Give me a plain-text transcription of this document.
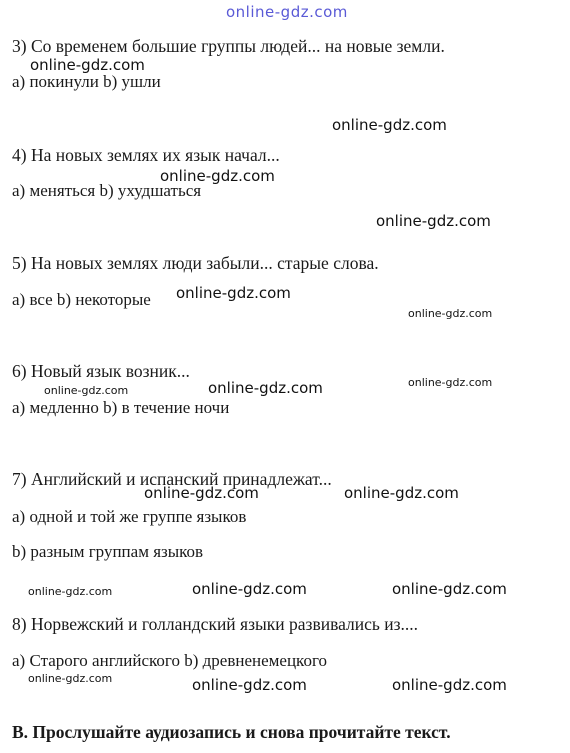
online-gdz.com
3) Со временем большие группы людей... на новые земли.
online-gdz.com
а) покинули b) ушли
online-gdz.com
4) На новых землях их язык начал...
online-gdz.com
а) меняться b) ухудшаться
online-gdz.com
5) На новых землях люди забыли... старые слова.
а) все b) некоторые online-gdz.com
online-gdz.com
6) Новый язык возник...
online-gdz.com	online-gdz.com	online-gdz.com
а) медленно b) в течение ночи
7) Английский и испанский принадлежат...
online-gdz.com	online-gdz.com
а) одной и той же группе языков
b) разным группам языков
online-gdz.com	online-gdz.com	online-gdz.com
8) Норвежский и голландский языки развивались из....
а) Старого английского b) древненемецкого
online-gdz.com	online-gdz.com	online-gdz.com
B. Прослушайте аудиозапись и снова прочитайте текст.
